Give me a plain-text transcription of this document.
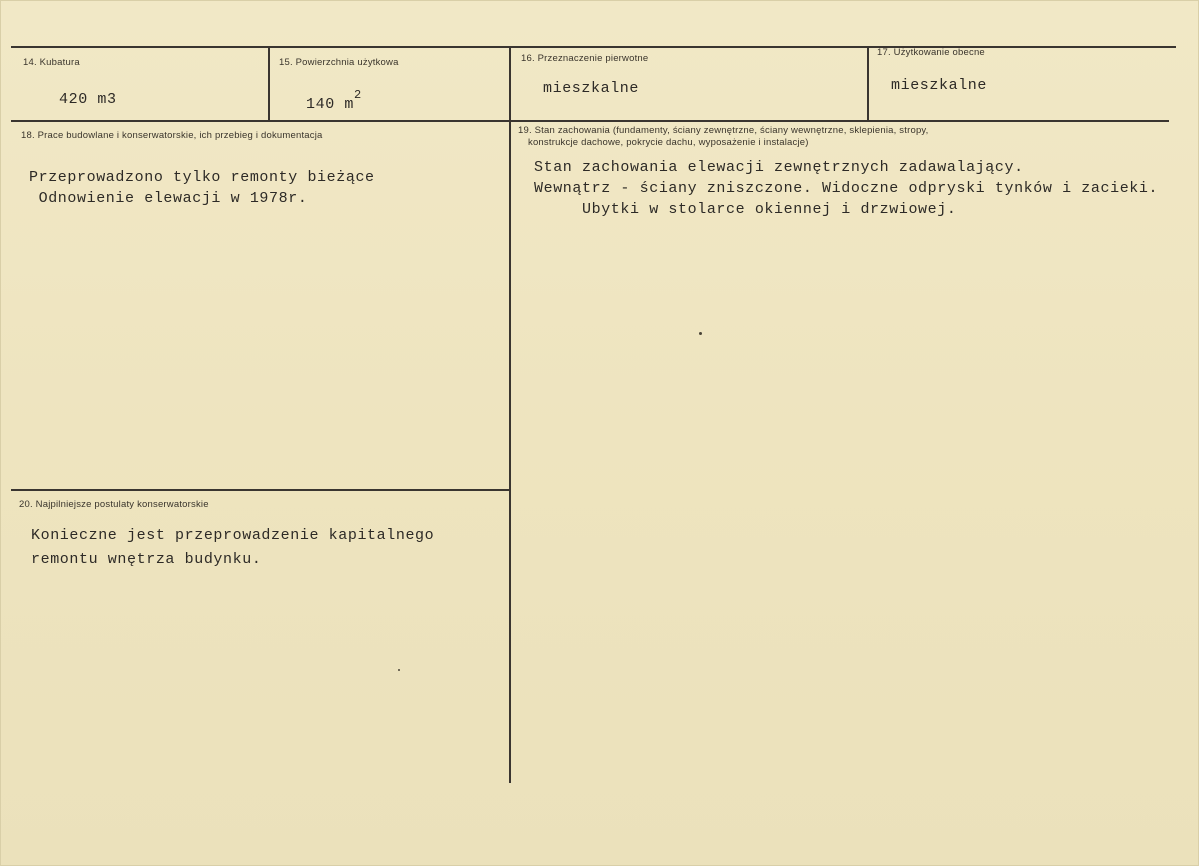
14. Kubatura
420 m3
15. Powierzchnia użytkowa
140 $m^2$
16. Przeznaczenie pierwotne
mieszkalne
17. Użytkowanie obecne
mieszkalne
18. Prace budowlane i konserwatorskie, ich przebieg i dokumentacja
Przeprowadzono tylko remonty bieżące
Odnowienie elewacji w 1978r.
19. Stan zachowania (fundamenty, ściany zewnętrzne, ściany wewnętrzne, sklepienia, stropy,
konstrukcje dachowe, pokrycie dachu, wyposażenie i instalacje)
Stan zachowania elewacji zewnętrznych zadawalający.
Wewnątrz - ściany zniszczone. Widoczne odpryski tynków i zacieki.
Ubytki w stolarce okiennej i drzwiowej.
20. Najpilniejsze postulaty konserwatorskie
Konieczne jest przeprowadzenie kapitalnego
remontu wnętrza budynku.
